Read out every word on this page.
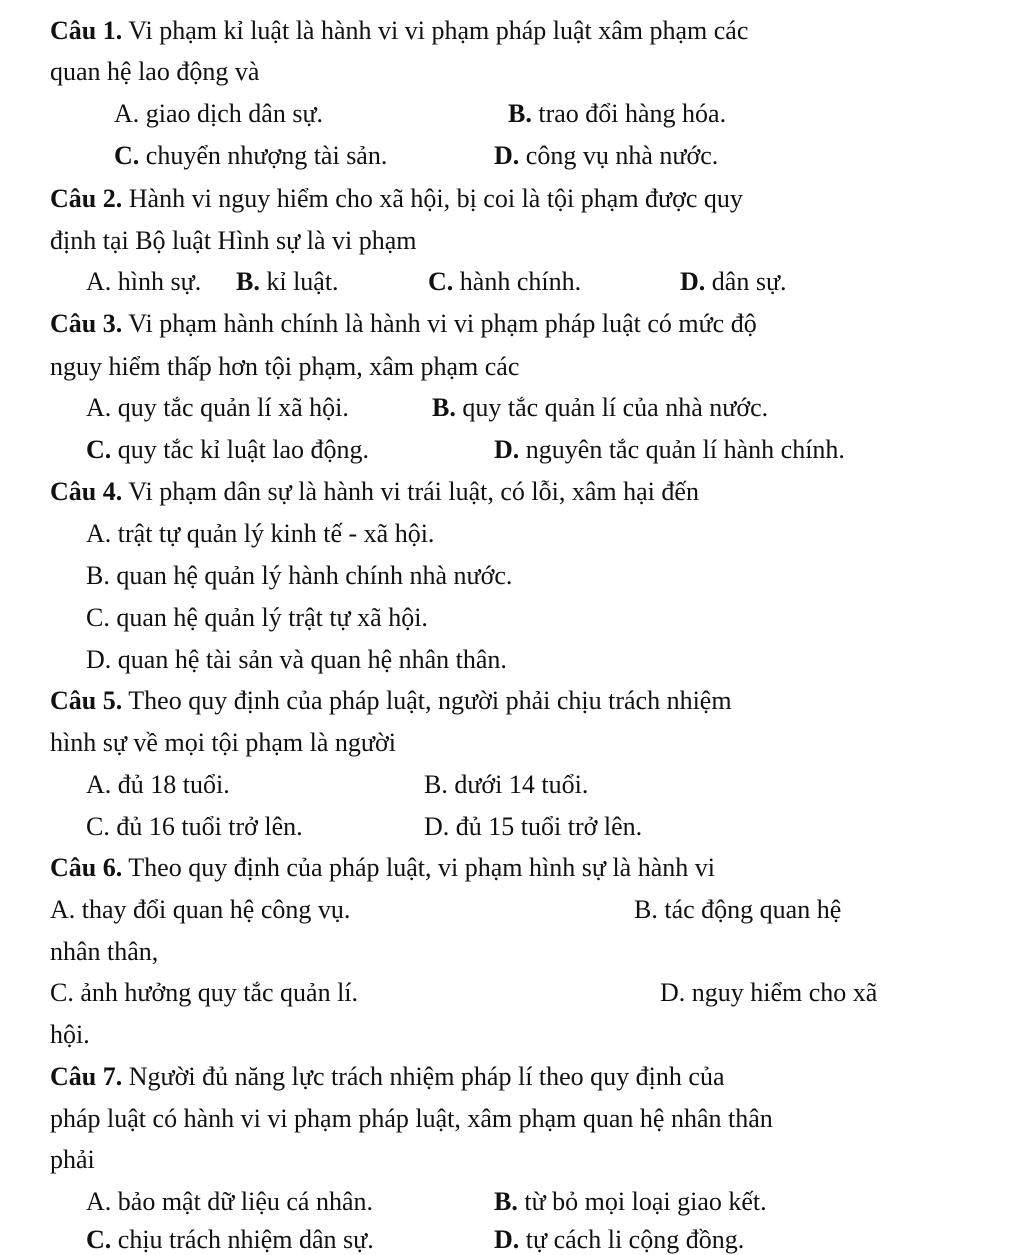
Câu 1. Vi phạm kỉ luật là hành vi vi phạm pháp luật xâm phạm các
quan hệ lao động và
A. giao dịch dân sự.	B. trao đổi hàng hóa.
C. chuyển nhượng tài sản.	D. công vụ nhà nước.
Câu 2. Hành vi nguy hiểm cho xã hội, bị coi là tội phạm được quy
định tại Bộ luật Hình sự là vi phạm
A. hình sự. B. kỉ luật.	C. hành chính.	D. dân sự.
Câu 3. Vi phạm hành chính là hành vi vi phạm pháp luật có mức độ
nguy hiểm thấp hơn tội phạm, xâm phạm các
A. quy tắc quản lí xã hội.	B. quy tắc quản lí của nhà nước.
C. quy tắc kỉ luật lao động.	D. nguyên tắc quản lí hành chính.
Câu 4. Vi phạm dân sự là hành vi trái luật, có lỗi, xâm hại đến
A. trật tự quản lý kinh tế - xã hội.
B. quan hệ quản lý hành chính nhà nước.
C. quan hệ quản lý trật tự xã hội.
D. quan hệ tài sản và quan hệ nhân thân.
Câu 5. Theo quy định của pháp luật, người phải chịu trách nhiệm
hình sự về mọi tội phạm là người
A. đủ 18 tuổi.	B. dưới 14 tuổi.
C. đủ 16 tuổi trở lên.	D. đủ 15 tuổi trở lên.
Câu 6. Theo quy định của pháp luật, vi phạm hình sự là hành vi
A. thay đổi quan hệ công vụ.	B. tác động quan hệ
nhân thân,
C. ảnh hưởng quy tắc quản lí.	D. nguy hiểm cho xã
hội.
Câu 7. Người đủ năng lực trách nhiệm pháp lí theo quy định của
pháp luật có hành vi vi phạm pháp luật, xâm phạm quan hệ nhân thân
phải
A. bảo mật dữ liệu cá nhân.	B. từ bỏ mọi loại giao kết.
C. chịu trách nhiệm dân sự.	D. tự cách li cộng đồng.
